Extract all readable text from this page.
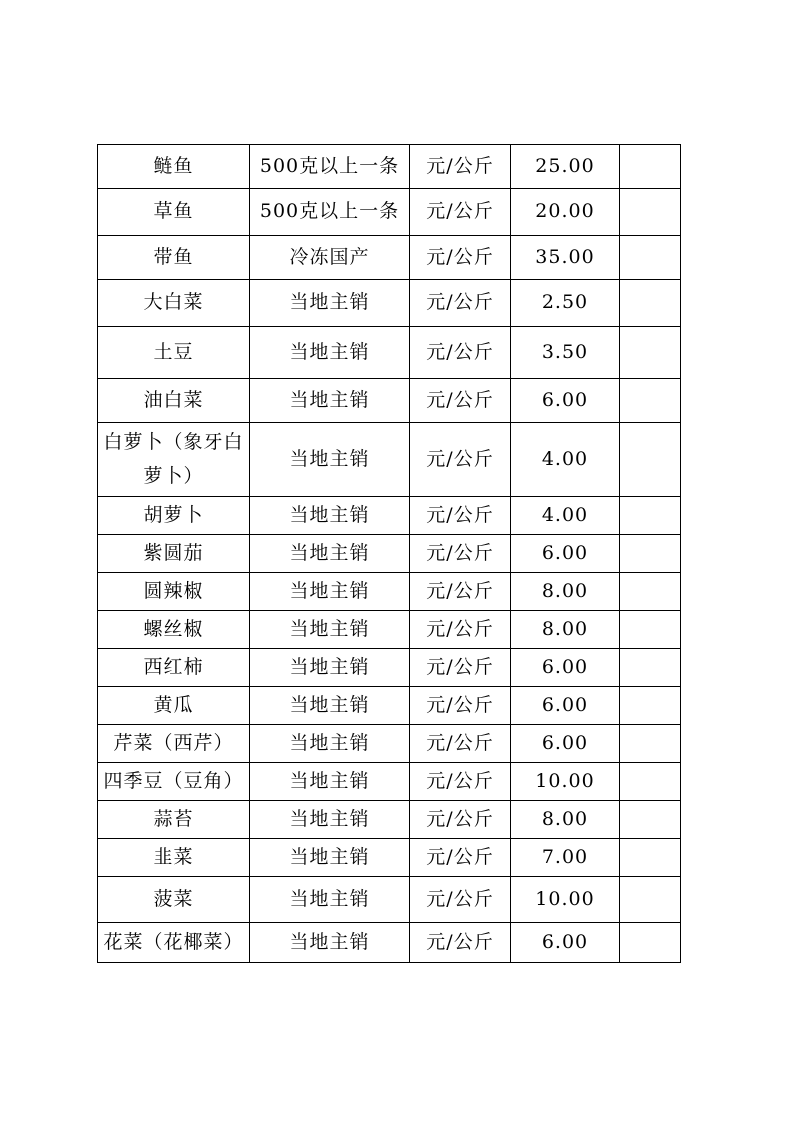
鲢鱼	500克以上一条	元/公斤	25.00	

草鱼	500克以上一条	元/公斤	20.00	

带鱼	冷冻国产	元/公斤	35.00	

大白菜	当地主销	元/公斤	2.50	

土豆	当地主销	元/公斤	3.50	

油白菜	当地主销	元/公斤	6.00	

白萝卜（象牙白萝卜）	当地主销	元/公斤	4.00	

胡萝卜	当地主销	元/公斤	4.00	

紫圆茄	当地主销	元/公斤	6.00	

圆辣椒	当地主销	元/公斤	8.00	

螺丝椒	当地主销	元/公斤	8.00	

西红柿	当地主销	元/公斤	6.00	

黄瓜	当地主销	元/公斤	6.00	

芹菜（西芹）	当地主销	元/公斤	6.00	

四季豆（豆角）	当地主销	元/公斤	10.00	

蒜苔	当地主销	元/公斤	8.00	

韭菜	当地主销	元/公斤	7.00	

菠菜	当地主销	元/公斤	10.00	

花菜（花椰菜）	当地主销	元/公斤	6.00	
